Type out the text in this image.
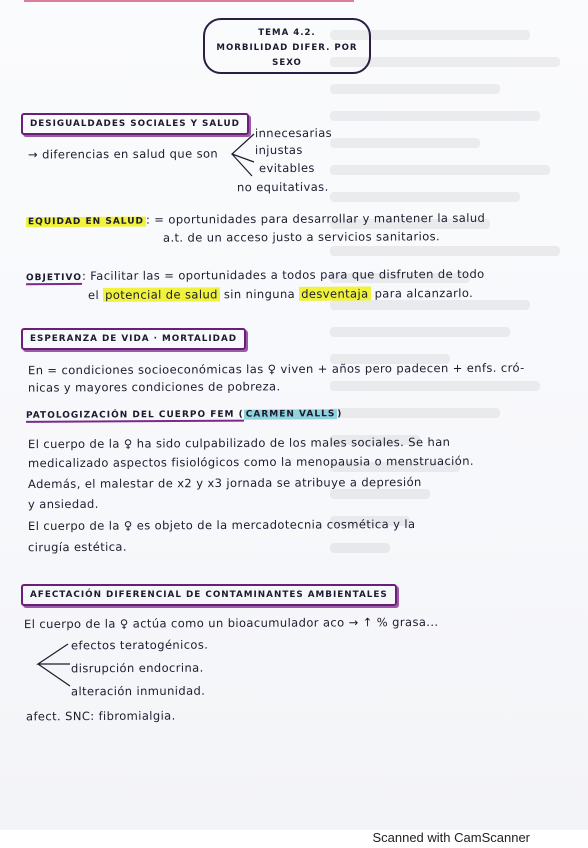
TEMA 4.2.
MORBILIDAD DIFER. POR
SEXO
DESIGUALDADES SOCIALES Y SALUD
→ diferencias en salud que son
innecesarias
injustas
evitables
no equitativas.
EQUIDAD EN SALUD : = oportunidades para desarrollar y mantener la salud
a.t. de un acceso justo a servicios sanitarios.
OBJETIVO: Facilitar las = oportunidades a todos para que disfruten de todo
el potencial de salud sin ninguna desventaja para alcanzarlo.
ESPERANZA DE VIDA · MORTALIDAD
En = condiciones socioeconómicas las ♀ viven + años pero padecen + enfs. cró-
nicas y mayores condiciones de pobreza.
PATOLOGIZACIÓN DEL CUERPO FEM ( CARMEN VALLS )
El cuerpo de la ♀ ha sido culpabilizado de los males sociales. Se han
medicalizado aspectos fisiológicos como la menopausia o menstruación.
Además, el malestar de x2 y x3 jornada se atribuye a depresión
y ansiedad.
El cuerpo de la ♀ es objeto de la mercadotecnia cosmética y la
cirugía estética.
AFECTACIÓN DIFERENCIAL DE CONTAMINANTES AMBIENTALES
El cuerpo de la ♀ actúa como un bioacumulador aco → ↑ % grasa...
efectos teratogénicos.
disrupción endocrina.
alteración inmunidad.
afect. SNC: fibromialgia.
Scanned with CamScanner
